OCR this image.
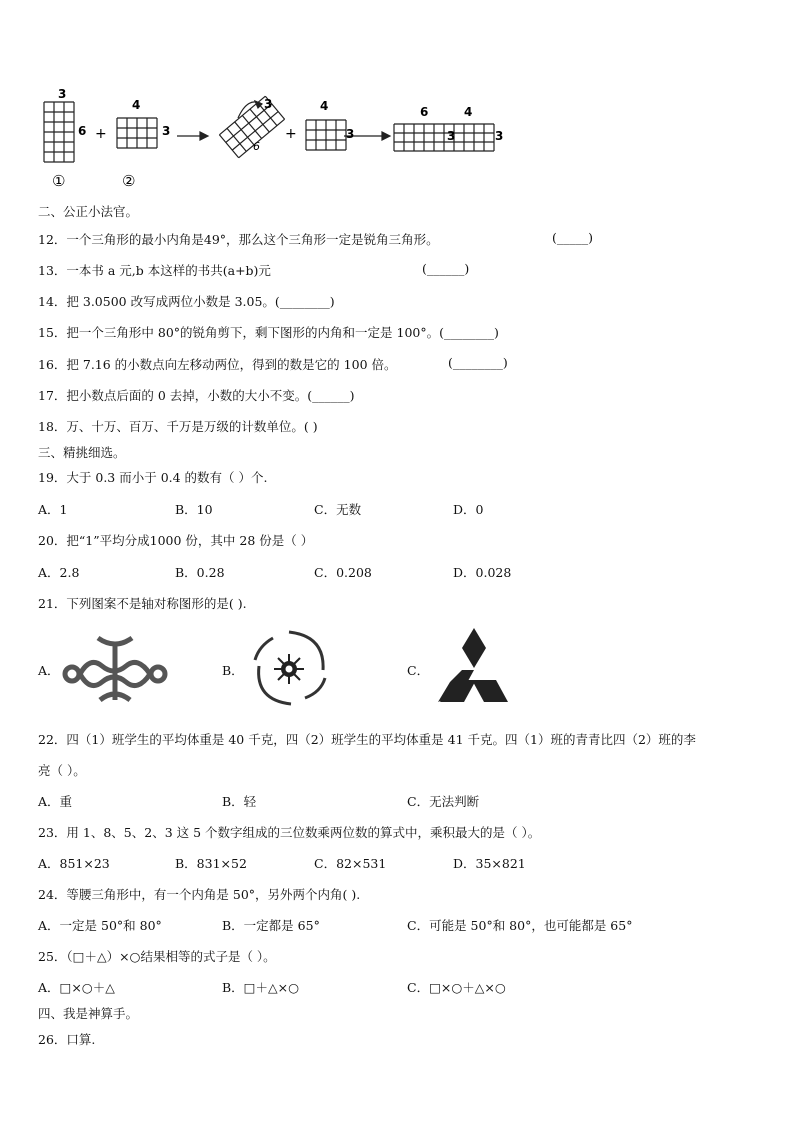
3
6 +
4
3
3
6
+
4
3
6	4
3	3
①	②
二、公正小法官。
12．一个三角形的最小内角是49°，那么这个三角形一定是锐角三角形。	(_____)
13．一本书 a 元,b 本这样的书共(a+b)元	(______)
14．把 3.0500 改写成两位小数是 3.05。(________)
15．把一个三角形中 80°的锐角剪下，剩下图形的内角和一定是 100°。(________)
16．把 7.16 的小数点向左移动两位，得到的数是它的 100 倍。	(________)
17．把小数点后面的 0 去掉，小数的大小不变。(______)
18．万、十万、百万、千万是万级的计数单位。( )
三、精挑细选。
19．大于 0.3 而小于 0.4 的数有（ ）个.
A．1	B．10	C．无数	D．0
20．把“1”平均分成1000 份，其中 28 份是（ ）
A．2.8	B．0.28	C．0.208	D．0.028
21．下列图案不是轴对称图形的是( ).
A．	B．	C．
22．四（1）班学生的平均体重是 40 千克，四（2）班学生的平均体重是 41 千克。四（1）班的青青比四（2）班的李
亮（ ）。
A．重	B．轻	C．无法判断
23．用 1、8、5、2、3 这 5 个数字组成的三位数乘两位数的算式中，乘积最大的是（ ）。
A．851×23	B．831×52	C．82×531	D．35×821
24．等腰三角形中，有一个内角是 50°，另外两个内角( ).
A．一定是 50°和 80°	B．一定都是 65°	C．可能是 50°和 80°，也可能都是 65°
25．（□＋△）×○结果相等的式子是（ ）。
A．□×○＋△	B．□＋△×○	C．□×○＋△×○
四、我是神算手。
26．口算.
